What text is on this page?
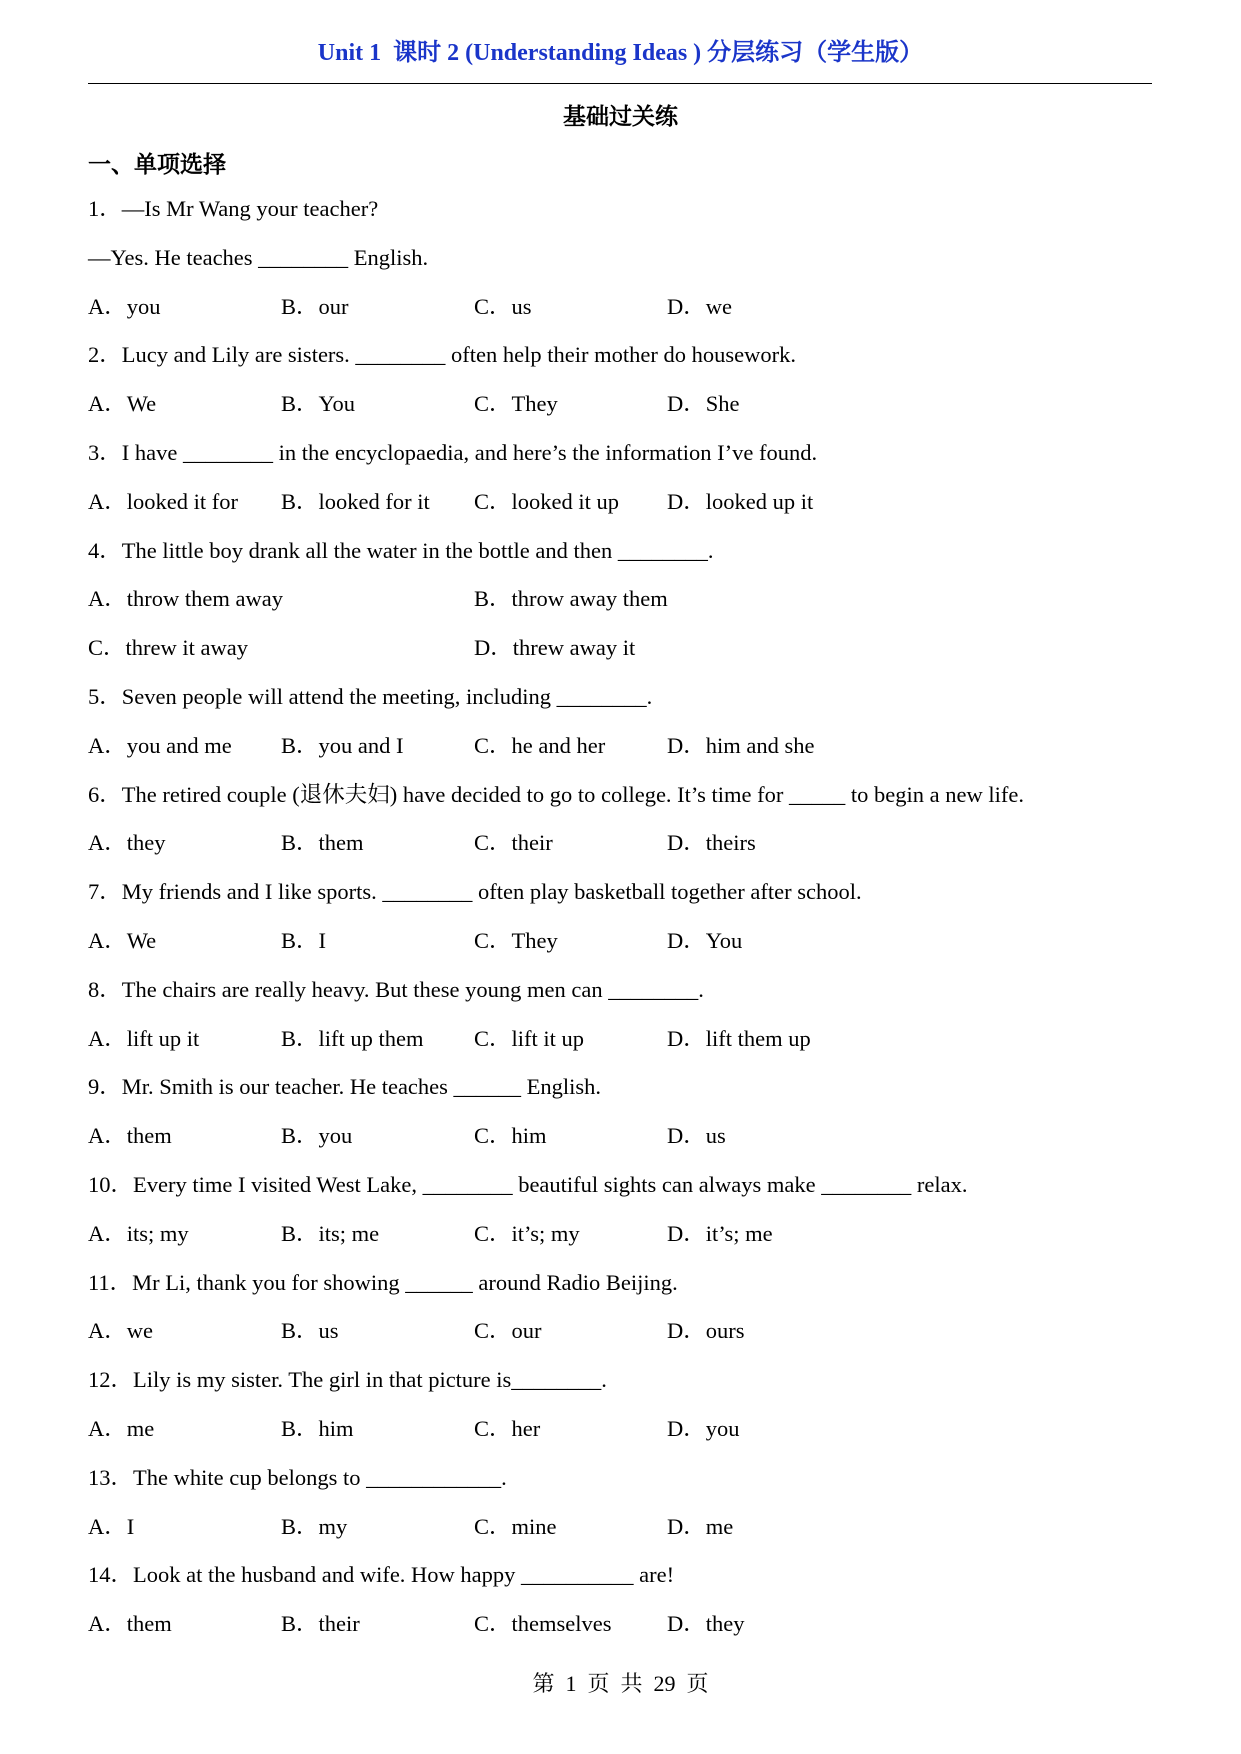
Unit 1  课时 2 (Understanding Ideas ) 分层练习（学生版）
基础过关练
一、单项选择
1．—Is Mr Wang your teacher?
—Yes. He teaches ________ English.
A．you	B．our	C．us	D．we
2．Lucy and Lily are sisters. ________ often help their mother do housework.
A．We	B．You	C．They	D．She
3．I have ________ in the encyclopaedia, and here’s the information I’ve found.
A．looked it for B．looked for it C．looked it up D．looked up it
4．The little boy drank all the water in the bottle and then ________.
A．throw them away	B．throw away them
C．threw it away	D．threw away it
5．Seven people will attend the meeting, including ________.
A．you and me B．you and I	C．he and her	D．him and she
6．The retired couple (退休夫妇) have decided to go to college. It’s time for _____ to begin a new life.
A．they	B．them	C．their	D．theirs
7．My friends and I like sports. ________ often play basketball together after school.
A．We	B．I	C．They	D．You
8．The chairs are really heavy. But these young men can ________.
A．lift up it	B．lift up them C．lift it up	D．lift them up
9．Mr. Smith is our teacher. He teaches ______ English.
A．them	B．you	C．him	D．us
10．Every time I visited West Lake, ________ beautiful sights can always make ________ relax.
A．its; my	B．its; me	C．it’s; my	D．it’s; me
11．Mr Li, thank you for showing ______ around Radio Beijing.
A．we	B．us	C．our	D．ours
12．Lily is my sister. The girl in that picture is________.
A．me	B．him	C．her	D．you
13．The white cup belongs to ____________.
A．I	B．my	C．mine	D．me
14．Look at the husband and wife. How happy __________ are!
A．them	B．their	C．themselves D．they
第  1  页  共  29  页
